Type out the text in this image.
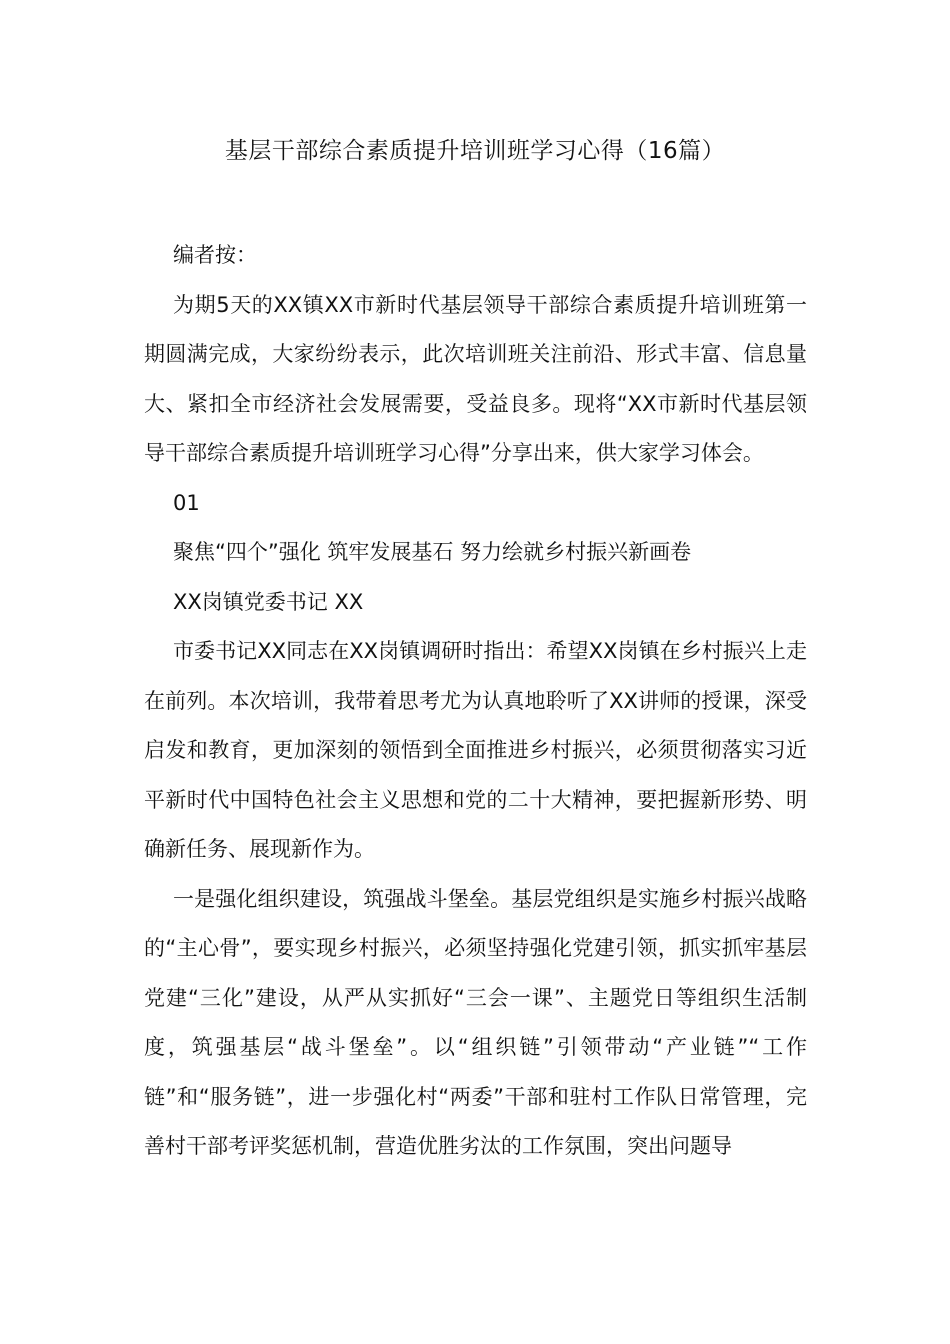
基层干部综合素质提升培训班学习心得（16篇）

编者按：

为期5天的XX镇XX市新时代基层领导干部综合素质提升培训班第一期圆满完成，大家纷纷表示，此次培训班关注前沿、形式丰富、信息量大、紧扣全市经济社会发展需要，受益良多。现将“XX市新时代基层领导干部综合素质提升培训班学习心得”分享出来，供大家学习体会。

01

聚焦“四个”强化 筑牢发展基石 努力绘就乡村振兴新画卷

XX岗镇党委书记 XX

市委书记XX同志在XX岗镇调研时指出：希望XX岗镇在乡村振兴上走在前列。本次培训，我带着思考尤为认真地聆听了XX讲师的授课，深受启发和教育，更加深刻的领悟到全面推进乡村振兴，必须贯彻落实习近平新时代中国特色社会主义思想和党的二十大精神，要把握新形势、明确新任务、展现新作为。

一是强化组织建设，筑强战斗堡垒。基层党组织是实施乡村振兴战略的“主心骨”，要实现乡村振兴，必须坚持强化党建引领，抓实抓牢基层党建“三化”建设，从严从实抓好“三会一课”、主题党日等组织生活制度，筑强基层“战斗堡垒”。以“组织链”引领带动“产业链”“工作链”和“服务链”，进一步强化村“两委”干部和驻村工作队日常管理，完善村干部考评奖惩机制，营造优胜劣汰的工作氛围，突出问题导
